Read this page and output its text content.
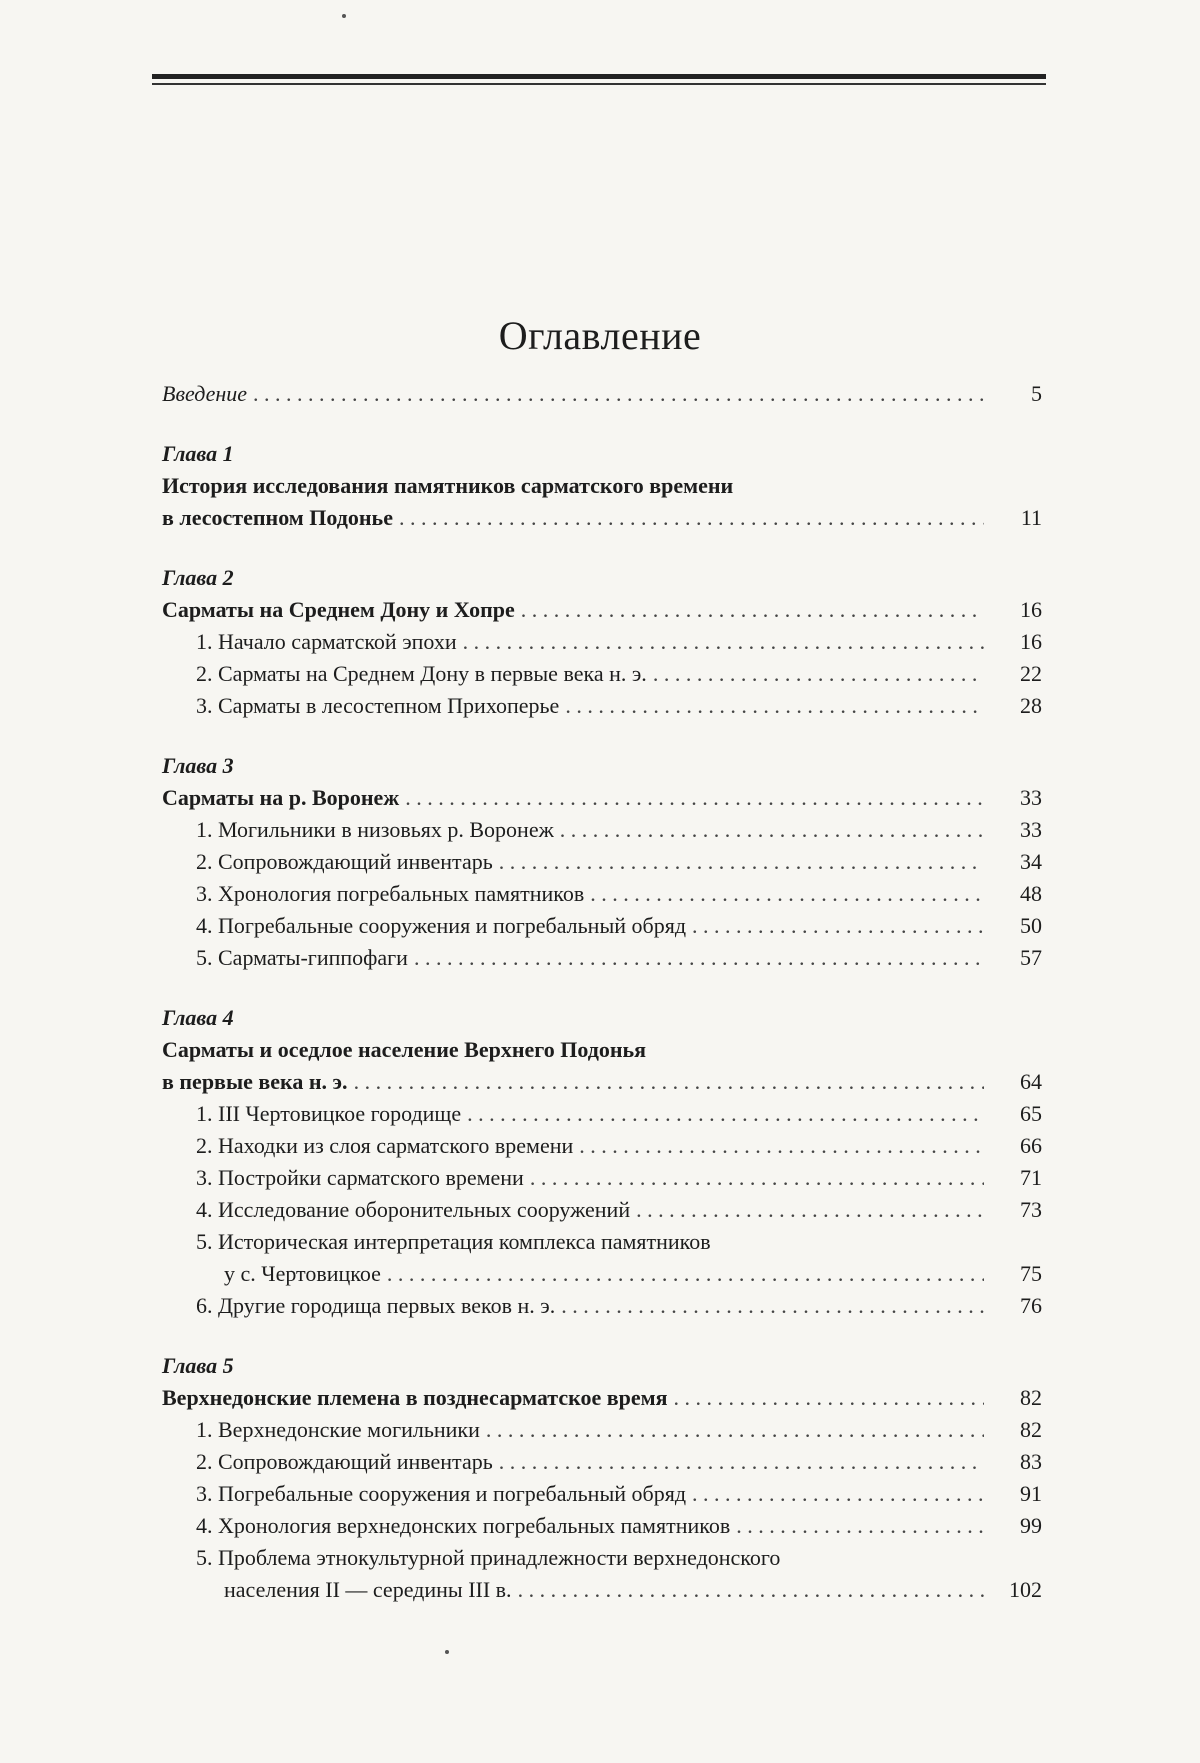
Оглавление
Введение . . .	5
Глава 1
История исследования памятников сарматского времени
в лесостепном Подонье . . .	11
Глава 2
Сарматы на Среднем Дону и Хопре . . .	16
1. Начало сарматской эпохи . . .	16
2. Сарматы на Среднем Дону в первые века н. э. . . .	22
3. Сарматы в лесостепном Прихоперье . . .	28
Глава 3
Сарматы на р. Воронеж . . .	33
1. Могильники в низовьях р. Воронеж . . .	33
2. Сопровождающий инвентарь . . .	34
3. Хронология погребальных памятников . . .	48
4. Погребальные сооружения и погребальный обряд . . .	50
5. Сарматы-гиппофаги . . .	57
Глава 4
Сарматы и оседлое население Верхнего Подонья
в первые века н. э. . . .	64
1. III Чертовицкое городище . . .	65
2. Находки из слоя сарматского времени . . .	66
3. Постройки сарматского времени . . .	71
4. Исследование оборонительных сооружений . . .	73
5. Историческая интерпретация комплекса памятников
у с. Чертовицкое . . .	75
6. Другие городища первых веков н. э. . . .	76
Глава 5
Верхнедонские племена в позднесарматское время . . .	82
1. Верхнедонские могильники . . .	82
2. Сопровождающий инвентарь . . .	83
3. Погребальные сооружения и погребальный обряд . . .	91
4. Хронология верхнедонских погребальных памятников . . .	99
5. Проблема этнокультурной принадлежности верхнедонского
населения II — середины III в. . . .	102
